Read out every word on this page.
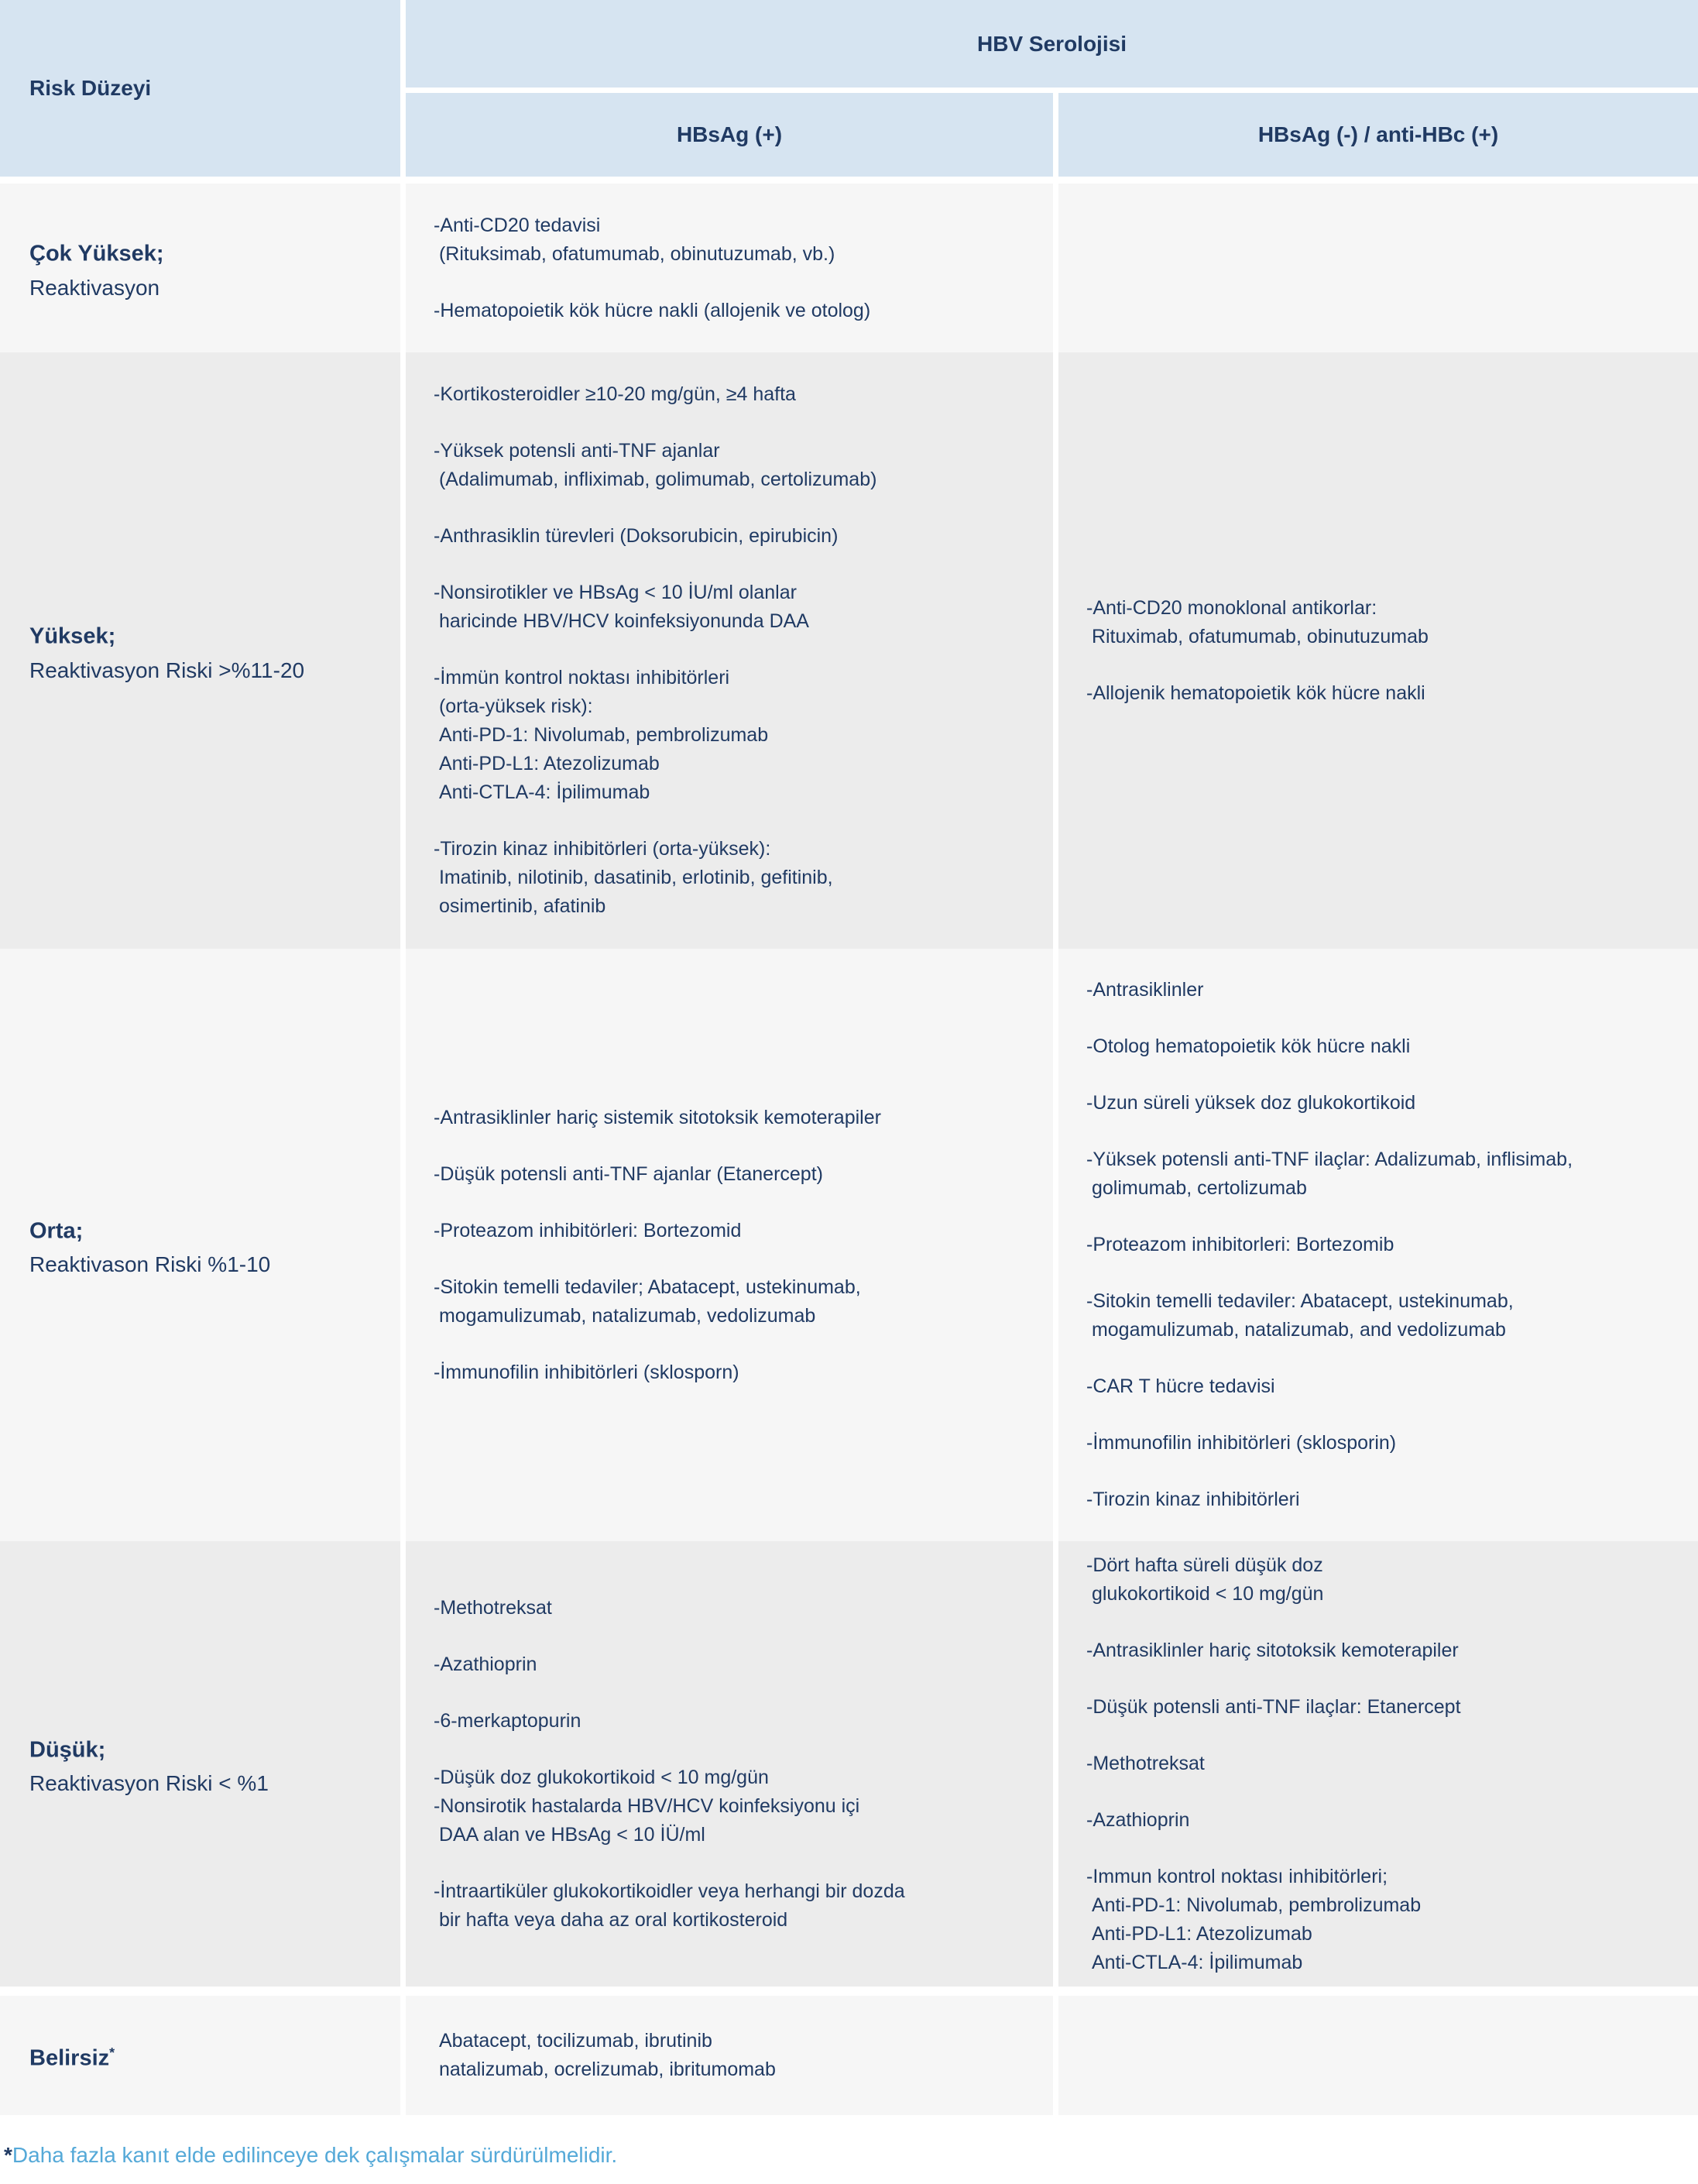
Risk Düzeyi
HBV Serolojisi
HBsAg (+)	HBsAg (-) / anti-HBc (+)
Çok Yüksek;
Reaktivasyon
-Anti-CD20 tedavisi
(Rituksimab, ofatumumab, obinutuzumab, vb.)
-Hematopoietik kök hücre nakli (allojenik ve otolog)
Yüksek;
Reaktivasyon Riski >%11-20
-Kortikosteroidler ≥10-20 mg/gün, ≥4 hafta
-Yüksek potensli anti-TNF ajanlar
(Adalimumab, infliximab, golimumab, certolizumab)
-Anthrasiklin türevleri (Doksorubicin, epirubicin)
-Nonsirotikler ve HBsAg < 10 İU/ml olanlar
haricinde HBV/HCV koinfeksiyonunda DAA
-İmmün kontrol noktası inhibitörleri
(orta-yüksek risk):
Anti-PD-1: Nivolumab, pembrolizumab
Anti-PD-L1: Atezolizumab
Anti-CTLA-4: İpilimumab
-Tirozin kinaz inhibitörleri (orta-yüksek):
Imatinib, nilotinib, dasatinib, erlotinib, gefitinib,
osimertinib, afatinib
-Anti-CD20 monoklonal antikorlar:
Rituximab, ofatumumab, obinutuzumab
-Allojenik hematopoietik kök hücre nakli
Orta;
Reaktivason Riski %1-10
-Antrasiklinler hariç sistemik sitotoksik kemoterapiler
-Düşük potensli anti-TNF ajanlar (Etanercept)
-Proteazom inhibitörleri: Bortezomid
-Sitokin temelli tedaviler; Abatacept, ustekinumab,
mogamulizumab, natalizumab, vedolizumab
-İmmunofilin inhibitörleri (sklosporn)
-Antrasiklinler
-Otolog hematopoietik kök hücre nakli
-Uzun süreli yüksek doz glukokortikoid
-Yüksek potensli anti-TNF ilaçlar: Adalizumab, inflisimab,
golimumab, certolizumab
-Proteazom inhibitorleri: Bortezomib
-Sitokin temelli tedaviler: Abatacept, ustekinumab,
mogamulizumab, natalizumab, and vedolizumab
-CAR T hücre tedavisi
-İmmunofilin inhibitörleri (sklosporin)
-Tirozin kinaz inhibitörleri
Düşük;
Reaktivasyon Riski < %1
-Methotreksat
-Azathioprin
-6-merkaptopurin
-Düşük doz glukokortikoid < 10 mg/gün
-Nonsirotik hastalarda HBV/HCV koinfeksiyonu içi
DAA alan ve HBsAg < 10 İÜ/ml
-İntraartiküler glukokortikoidler veya herhangi bir dozda
bir hafta veya daha az oral kortikosteroid
-Dört hafta süreli düşük doz
glukokortikoid < 10 mg/gün
-Antrasiklinler hariç sitotoksik kemoterapiler
-Düşük potensli anti-TNF ilaçlar: Etanercept
-Methotreksat
-Azathioprin
-Immun kontrol noktası inhibitörleri;
Anti-PD-1: Nivolumab, pembrolizumab
Anti-PD-L1: Atezolizumab
Anti-CTLA-4: İpilimumab
Belirsiz*
Abatacept, tocilizumab, ibrutinib
natalizumab, ocrelizumab, ibritumomab
*Daha fazla kanıt elde edilinceye dek çalışmalar sürdürülmelidir.
